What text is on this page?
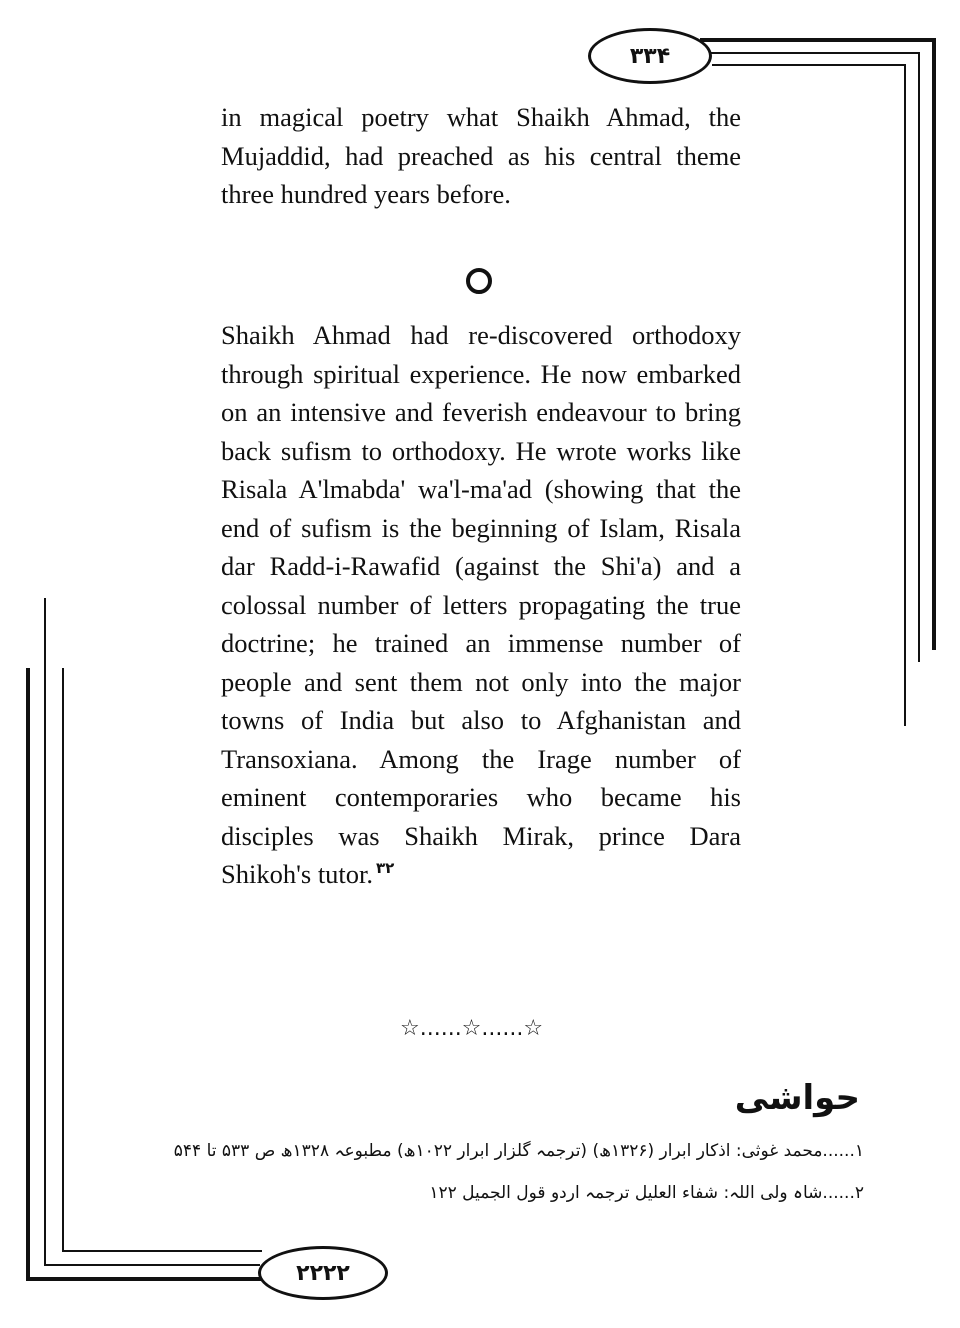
۳۳۴
۲۲۲۲

in magical poetry what Shaikh Ahmad, the Mujaddid, had preached as his central theme three hundred years before.

Shaikh Ahmad had re-discovered orthodoxy through spiritual experience. He now embarked on an intensive and feverish endeavour to bring back sufism to orthodoxy. He wrote works like Risala A'lmabda' wa'l-ma'ad (showing that the end of sufism is the beginning of Islam, Risala dar Radd-i-Rawafid (against the Shi'a) and a colossal number of letters propagating the true doctrine; he trained an immense number of people and sent them not only into the major towns of India but also to Afghanistan and Transoxiana. Among the Irage number of eminent contemporaries who became his disciples was Shaikh Mirak, prince Dara Shikoh's tutor. $^{۳۲}$

☆......☆......☆
حواشی
۱......محمد غوثی: اذکار ابرار (۱۳۲۶ھ) (ترجمہ گلزار ابرار ۱۰۲۲ھ) مطبوعہ ۱۳۲۸ھ ص ۵۳۳ تا ۵۴۴
۲......شاہ ولی اللہ: شفاء العلیل ترجمہ اردو قول الجمیل ۱۲۲
